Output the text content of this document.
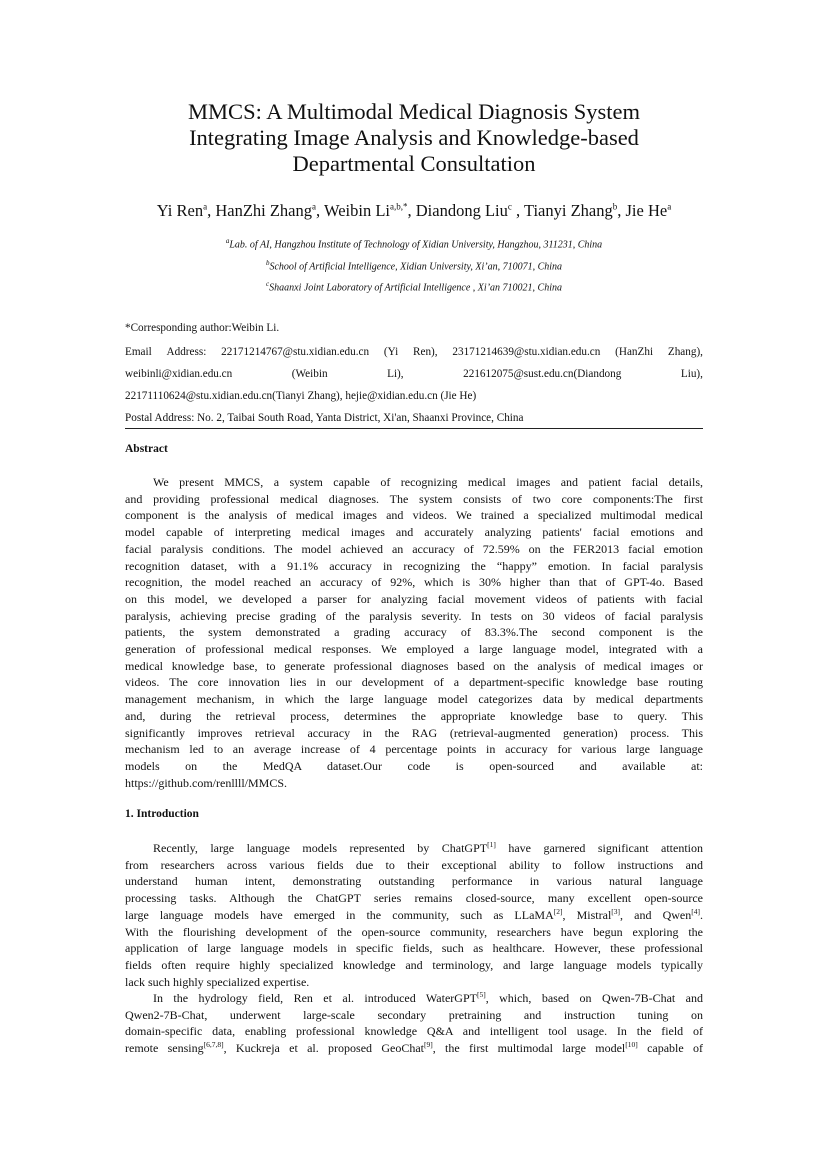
MMCS: A Multimodal Medical Diagnosis System
Integrating Image Analysis and Knowledge-based
Departmental Consultation
Yi Ren$^a$, HanZhi Zhang$^a$, Weibin $Li^{a,b,*}$, Diandong Liu$^c$ , Tianyi Zhang$^b$, Jie He$^a$
$^a$Lab. of AI, Hangzhou Institute of Technology of Xidian University, Hangzhou, 311231, China
$^b$School of Artificial Intelligence, Xidian University, Xi’an, 710071, China
$^c$Shaanxi Joint Laboratory of Artificial Intelligence , Xi’an 710021, China
*Corresponding author:Weibin Li.
Email Address: 22171214767@stu.xidian.edu.cn (Yi Ren), 23171214639@stu.xidian.edu.cn (HanZhi Zhang),
weibinli@xidian.edu.cn	(Weibin	Li),	221612075@sust.edu.cn(Diandong	Liu),
22171110624@stu.xidian.edu.cn(Tianyi Zhang), hejie@xidian.edu.cn (Jie He)
Postal Address: No. 2, Taibai South Road, Yanta District, Xi'an, Shaanxi Province, China
Abstract
We present MMCS, a system capable of recognizing medical images and patient facial details,
and providing professional medical diagnoses. The system consists of two core components:The first
component is the analysis of medical images and videos. We trained a specialized multimodal medical
model capable of interpreting medical images and accurately analyzing patients' facial emotions and
facial paralysis conditions. The model achieved an accuracy of 72.59% on the FER2013 facial emotion
recognition dataset, with a 91.1% accuracy in recognizing the “happy” emotion. In facial paralysis
recognition, the model reached an accuracy of 92%, which is 30% higher than that of GPT-4o. Based
on this model, we developed a parser for analyzing facial movement videos of patients with facial
paralysis, achieving precise grading of the paralysis severity. In tests on 30 videos of facial paralysis
patients, the system demonstrated a grading accuracy of 83.3%.The second component is the
generation of professional medical responses. We employed a large language model, integrated with a
medical knowledge base, to generate professional diagnoses based on the analysis of medical images or
videos. The core innovation lies in our development of a department-specific knowledge base routing
management mechanism, in which the large language model categorizes data by medical departments
and, during the retrieval process, determines the appropriate knowledge base to query. This
significantly improves retrieval accuracy in the RAG (retrieval-augmented generation) process. This
mechanism led to an average increase of 4 percentage points in accuracy for various large language
models on the MedQA dataset.Our code is open-sourced and available at:
https://github.com/renllll/MMCS.
1. Introduction
Recently, large language models represented by ChatGPT[1] have garnered significant attention
from researchers across various fields due to their exceptional ability to follow instructions and
understand human intent, demonstrating outstanding performance in various natural language
processing tasks. Although the ChatGPT series remains closed-source, many excellent open-source
large language models have emerged in the community, such as LLaMA[2], Mistral[3], and Qwen[4].
With the flourishing development of the open-source community, researchers have begun exploring the
application of large language models in specific fields, such as healthcare. However, these professional
fields often require highly specialized knowledge and terminology, and large language models typically
lack such highly specialized expertise.
In the hydrology field, Ren et al. introduced WaterGPT[5], which, based on Qwen-7B-Chat and
Qwen2-7B-Chat, underwent large-scale secondary pretraining and instruction tuning on
domain-specific data, enabling professional knowledge Q&A and intelligent tool usage. In the field of
remote sensing[6,7,8], Kuckreja et al. proposed GeoChat[9], the first multimodal large model[10] capable of
